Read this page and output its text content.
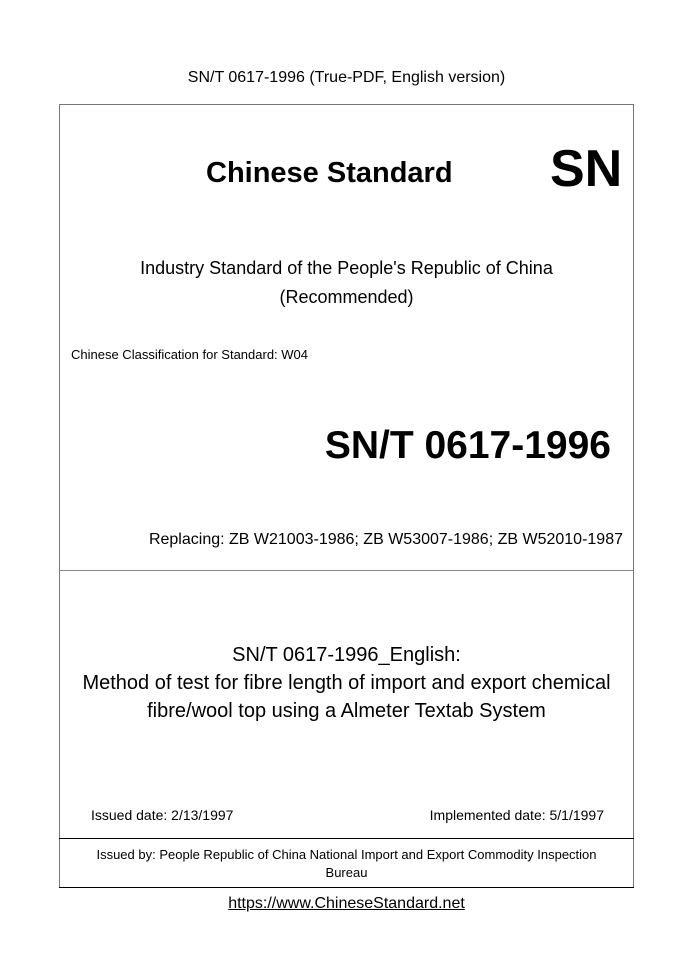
SN/T 0617-1996 (True-PDF, English version)
Chinese Standard SN
Industry Standard of the People's Republic of China
(Recommended)
Chinese Classification for Standard: W04
SN/T 0617-1996
Replacing: ZB W21003-1986; ZB W53007-1986; ZB W52010-1987
SN/T 0617-1996_English:
Method of test for fibre length of import and export chemical
fibre/wool top using a Almeter Textab System
Issued date: 2/13/1997	Implemented date: 5/1/1997
Issued by: People Republic of China National Import and Export Commodity Inspection
Bureau
https://www.ChineseStandard.net
